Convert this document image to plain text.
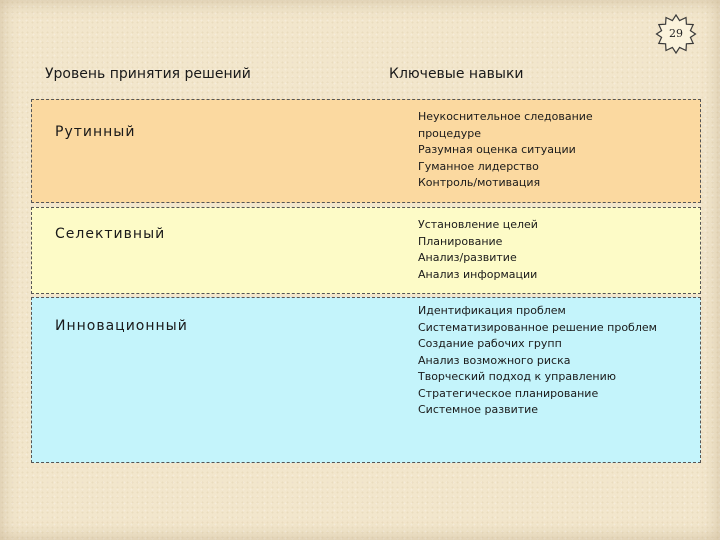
29
Уровень принятия решений	Ключевые навыки
Рутинный
Неукоснительное следование процедуре
Разумная оценка ситуации
Гуманное лидерство
Контроль/мотивация
Селективный
Установление целей
Планирование
Анализ/развитие
Анализ информации
Инновационный
Идентификация проблем
Систематизированное решение проблем
Создание рабочих групп
Анализ возможного риска
Творческий подход к управлению
Стратегическое планирование
Системное развитие
